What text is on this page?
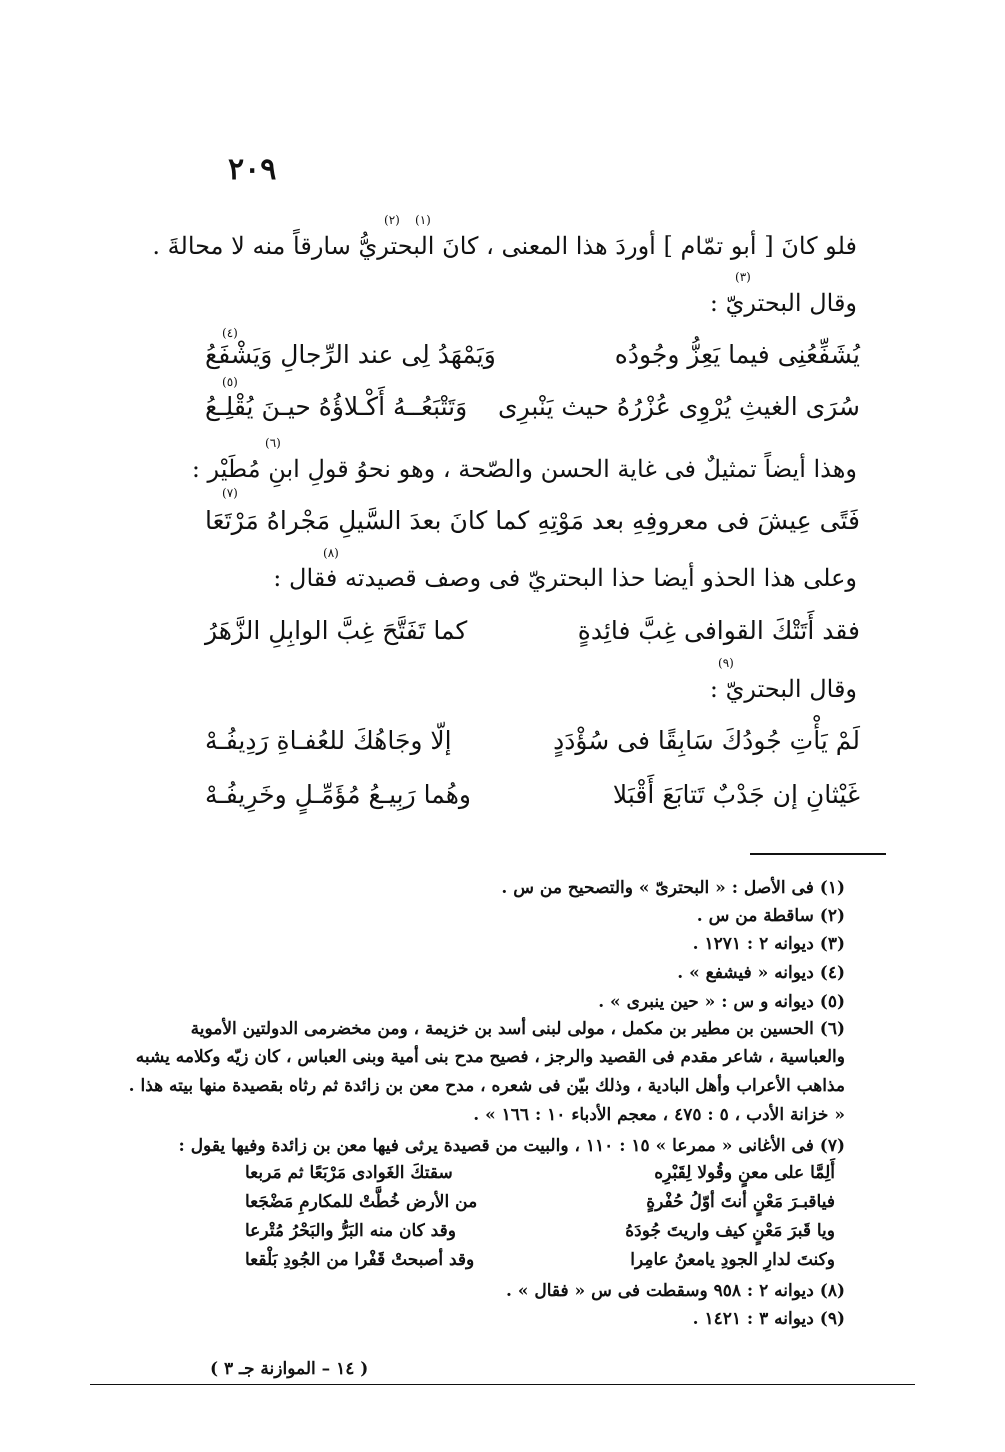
٢٠٩
(١)
(٢)
(٣)
(٤)
(٥)
(٦)
(٧)
(٨)
(٩)
فلو كانَ [ أبو تمّام ] أوردَ هذا المعنى ، كانَ البحتريُّ سارقاً منه لا محالةَ .
وقال البحتريّ :
يُشَفِّعُنِى فيما يَعِزُّ وجُودُه
وَيَمْهَدُ لِى عند الرِّجالِ وَيَشْفَعُ
سُرَى الغيثِ يُرْوِى عُزْرُهُ حيث يَنْبرِى
وَتَتْبَعُــهُ أَكْـلاؤُهُ حيـنَ يُقْلِـعُ
وهذا أيضاً تمثيلٌ فى غاية الحسن والصّحة ، وهو نحوُ قولِ ابنِ مُطَيْر :
فَتًى عِيشَ فى معروفِهِ بعد مَوْتِهِ
كما كانَ بعدَ السَّيلِ مَجْراهُ مَرْتَعَا
وعلى هذا الحذو أيضا حذا البحتريّ فى وصف قصيدته فقال :
فقد أَتَتْكَ القوافى غِبَّ فائِدةٍ
كما تَفَتَّحَ غِبَّ الوابِلِ الزَّهَرُ
وقال البحتريّ :
لَمْ يَأْتِ جُودُكَ سَابِقًا فى سُؤْدَدٍ
إلّا وجَاهُكَ للعُفـاةِ رَدِيفُـهْ
غَيْثانِ إن جَدْبٌ تَتابَعَ أَقْبَلا
وهُما رَبِيـعُ مُؤَمِّـلٍ وخَرِيفُـهْ
(١) فى الأصل : « البحترىّ » والتصحيح من س .
(٢) ساقطة من س .
(٣) ديوانه ٢ : ١٢٧١ .
(٤) ديوانه « فيشفع » .
(٥) ديوانه و س : « حين ينبرى » .
(٦) الحسين بن مطير بن مكمل ، مولى لبنى أسد بن خزيمة ، ومن مخضرمى الدولتين الأموية
والعباسية ، شاعر مقدم فى القصيد والرجز ، فصيح مدح بنى أمية وبنى العباس ، كان زيّه وكلامه يشبه
مذاهب الأعراب وأهل البادية ، وذلك بيّن فى شعره ، مدح معن بن زائدة ثم رثاه بقصيدة منها بيته هذا .
« خزانة الأدب ، ٥ : ٤٧٥ ، معجم الأدباء ١٠ : ١٦٦ » .
(٧) فى الأغانى « ممرعا » ١٥ : ١١٠ ، والبيت من قصيدة يرثى فيها معن بن زائدة وفيها يقول :
أَلِمَّا على معنٍ وقُولا لِقَبْرِه
سقتكَ الغَوادى مَرْبَعًا ثم مَربعا
فياقبـرَ مَعْنٍ أنتَ أوّلُ حُفْرةٍ
من الأرض خُطَّتْ للمكارمِ مَضْجَعا
ويا قَبرَ مَعْنٍ كيف واريتَ جُودَهُ
وقد كان منه البَرُّ والبَحْرُ مُتْرعا
وكنتَ لدارِ الجودِ يامعنُ عامِرا
وقد أصبحتْ قَفْرا من الجُودِ بَلْقعا
(٨) ديوانه ٢ : ٩٥٨ وسقطت فى س « فقال » .
(٩) ديوانه ٣ : ١٤٢١ .
( ١٤ – الموازنة جـ ٣ )
